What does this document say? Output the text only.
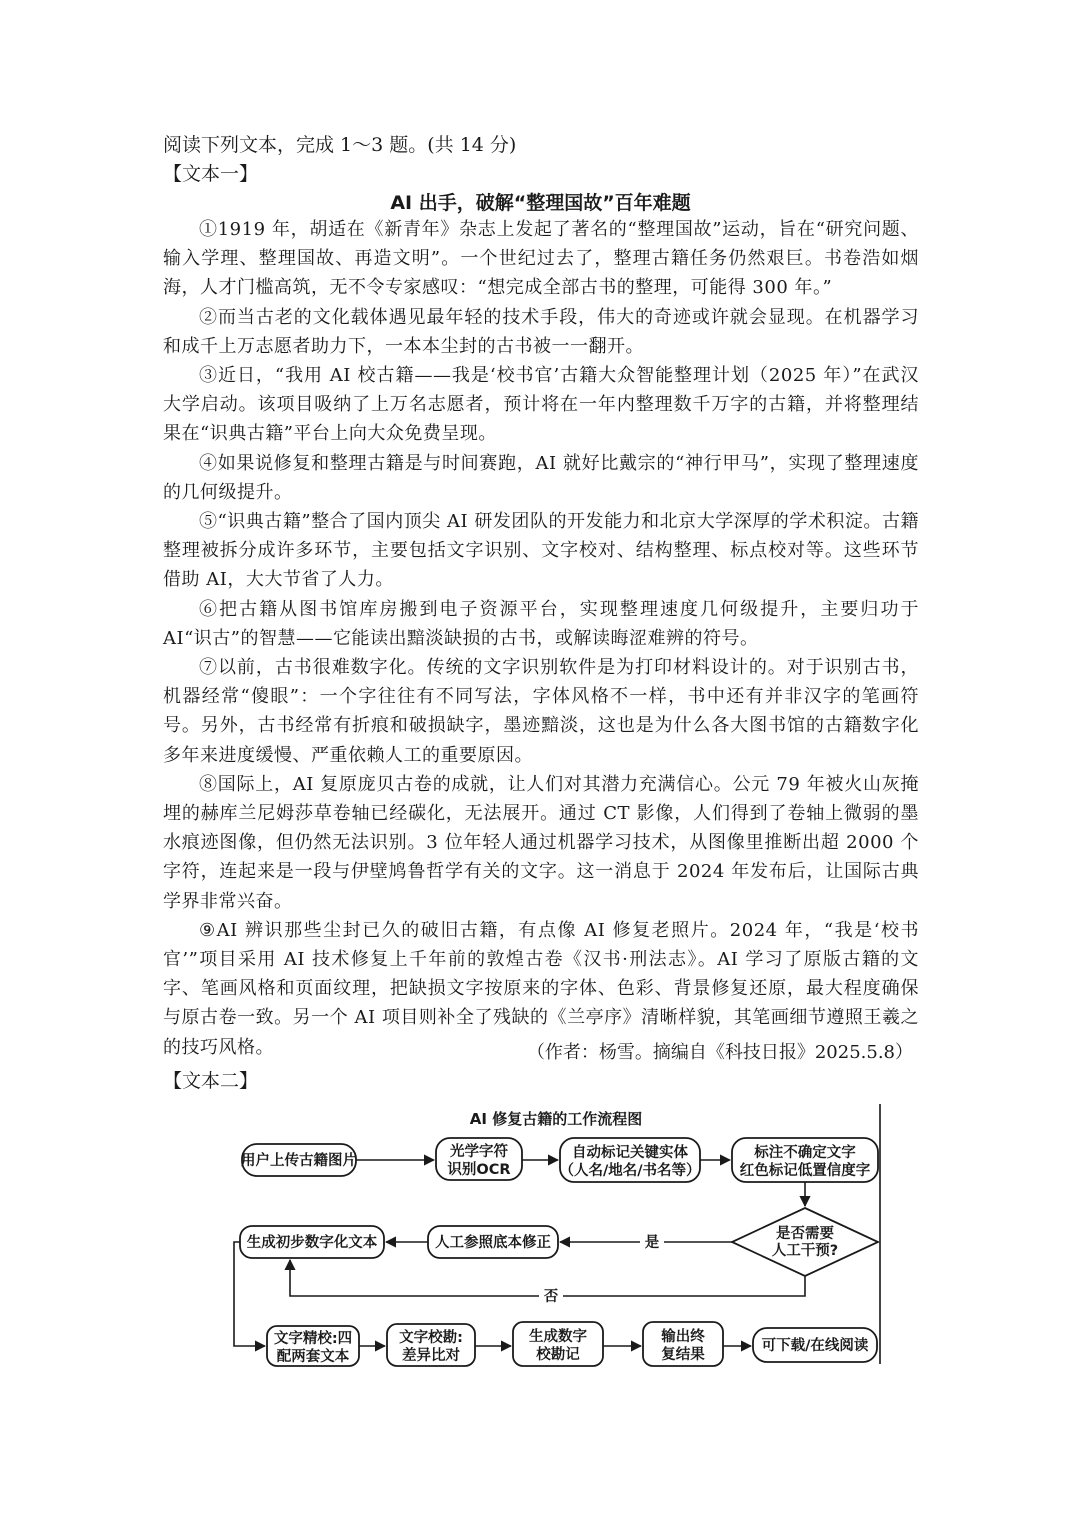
阅读下列文本，完成 1～3 题。(共 14 分)
【文本一】
AI 出手，破解“整理国故”百年难题

①1919 年，胡适在《新青年》杂志上发起了著名的“整理国故”运动，旨在“研究问题、输入学理、整理国故、再造文明”。一个世纪过去了，整理古籍任务仍然艰巨。书卷浩如烟海，人才门槛高筑，无不令专家感叹：“想完成全部古书的整理，可能得 300 年。”

②而当古老的文化载体遇见最年轻的技术手段，伟大的奇迹或许就会显现。在机器学习和成千上万志愿者助力下，一本本尘封的古书被一一翻开。

③近日，“我用 AI 校古籍——我是‘校书官’古籍大众智能整理计划（2025 年）”在武汉大学启动。该项目吸纳了上万名志愿者，预计将在一年内整理数千万字的古籍，并将整理结果在“识典古籍”平台上向大众免费呈现。

④如果说修复和整理古籍是与时间赛跑，AI 就好比戴宗的“神行甲马”，实现了整理速度的几何级提升。

⑤“识典古籍”整合了国内顶尖 AI 研发团队的开发能力和北京大学深厚的学术积淀。古籍整理被拆分成许多环节，主要包括文字识别、文字校对、结构整理、标点校对等。这些环节借助 AI，大大节省了人力。

⑥把古籍从图书馆库房搬到电子资源平台，实现整理速度几何级提升，主要归功于 AI“识古”的智慧——它能读出黯淡缺损的古书，或解读晦涩难辨的符号。

⑦以前，古书很难数字化。传统的文字识别软件是为打印材料设计的。对于识别古书，机器经常“傻眼”：一个字往往有不同写法，字体风格不一样，书中还有并非汉字的笔画符号。另外，古书经常有折痕和破损缺字，墨迹黯淡，这也是为什么各大图书馆的古籍数字化多年来进度缓慢、严重依赖人工的重要原因。

⑧国际上，AI 复原庞贝古卷的成就，让人们对其潜力充满信心。公元 79 年被火山灰掩埋的赫库兰尼姆莎草卷轴已经碳化，无法展开。通过 CT 影像，人们得到了卷轴上微弱的墨水痕迹图像，但仍然无法识别。3 位年轻人通过机器学习技术，从图像里推断出超 2000 个字符，连起来是一段与伊壁鸠鲁哲学有关的文字。这一消息于 2024 年发布后，让国际古典学界非常兴奋。

⑨AI 辨识那些尘封已久的破旧古籍，有点像 AI 修复老照片。2024 年，“我是‘校书官’”项目采用 AI 技术修复上千年前的敦煌古卷《汉书·刑法志》。AI 学习了原版古籍的文字、笔画风格和页面纹理，把缺损文字按原来的字体、色彩、背景修复还原，最大程度确保与原古卷一致。另一个 AI 项目则补全了残缺的《兰亭序》清晰样貌，其笔画细节遵照王羲之的技巧风格。	（作者：杨雪。摘编自《科技日报》2025.5.8）
【文本二】
AI 修复古籍的工作流程图
用户上传古籍图片
光学字符
识别OCR
自动标记关键实体
（人名/地名/书名等）
标注不确定文字
红色标记低置信度字
是否需要
人工干预?
是
人工参照底本修正
生成初步数字化文本
否
文字精校:四
配两套文本
文字校勘:
差异比对
生成数字
校勘记
输出终
复结果
可下载/在线阅读
